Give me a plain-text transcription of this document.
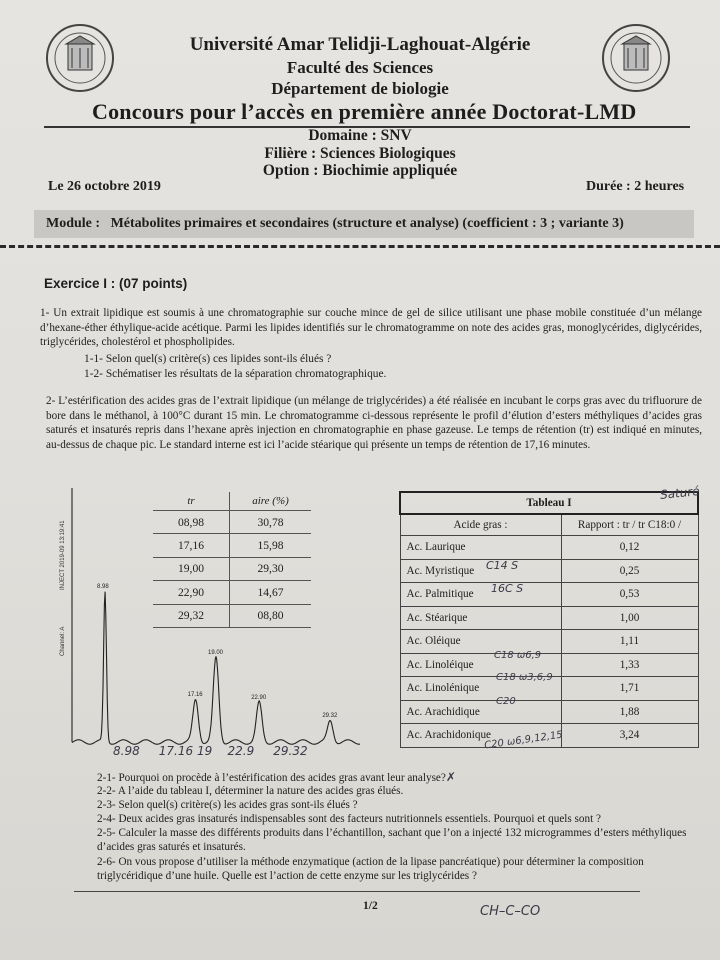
Université Amar Telidji-Laghouat-Algérie
Faculté des Sciences
Département de biologie
Concours pour l’accès en première année Doctorat-LMD
Domaine : SNV
Filière : Sciences Biologiques
Option : Biochimie appliquée
Le 26 octobre 2019	Durée : 2 heures
Module : Métabolites primaires et secondaires (structure et analyse) (coefficient : 3 ; variante 3)
Exercice I : (07 points)
1- Un extrait lipidique est soumis à une chromatographie sur couche mince de gel de silice utilisant une phase mobile constituée d’un mélange d’hexane-éther éthylique-acide acétique. Parmi les lipides identifiés sur le chromatogramme on note des acides gras, monoglycérides, diglycérides, triglycérides, cholestérol et phospholipides.
1-1- Selon quel(s) critère(s) ces lipides sont-ils élués ?
1-2- Schématiser les résultats de la séparation chromatographique.
2- L’estérification des acides gras de l’extrait lipidique (un mélange de triglycérides) a été réalisée en incubant le corps gras avec du trifluorure de bore dans le méthanol, à 100°C durant 15 min. Le chromatogramme ci-dessous représente le profil d’élution d’esters méthyliques d’acides gras saturés et insaturés repris dans l’hexane après injection en chromatographie en phase gazeuse. Le temps de rétention (tr) est indiqué en minutes, au-dessus de chaque pic. Le standard interne est ici l’acide stéarique qui présente un temps de rétention de 17,16 minutes.
Channel: A
INJECT 2019-09 13:19:41	8.98
17.16
19.00
22.90
29.32
tr	aire (%)
08,98	30,78
17,16	15,98
19,00	29,30
22,90	14,67
29,32	08,80
Tableau I	
Acide gras :	Rapport : tr / tr C18:0 /
Ac. Laurique	0,12
Ac. Myristique	0,25
Ac. Palmitique	0,53
Ac. Stéarique	1,00
Ac. Oléique	1,11
Ac. Linoléique	1,33
Ac. Linolénique	1,71
Ac. Arachidique	1,88
Ac. Arachidonique	3,24
Saturé
C14 S
16C S
C18 ω6,9
C18 ω3,6,9
C20
C20 ω6,9,12,15
8.98     17.16 19    22.9     29.32
2-1- Pourquoi on procède à l’estérification des acides gras avant leur analyse?✗
2-2- A l’aide du tableau I, déterminer la nature des acides gras élués.
2-3- Selon quel(s) critère(s) les acides gras sont-ils élués ?
2-4- Deux acides gras insaturés indispensables sont des facteurs nutritionnels essentiels. Pourquoi et quels sont ?
2-5- Calculer la masse des différents produits dans l’échantillon, sachant que l’on a injecté 132 microgrammes d’esters méthyliques d’acides gras saturés et insaturés.
2-6- On vous propose d’utiliser la méthode enzymatique (action de la lipase pancréatique) pour déterminer la composition triglycéridique d’une huile. Quelle est l’action de cette enzyme sur les triglycérides ?
1/2	CH–C–CO
